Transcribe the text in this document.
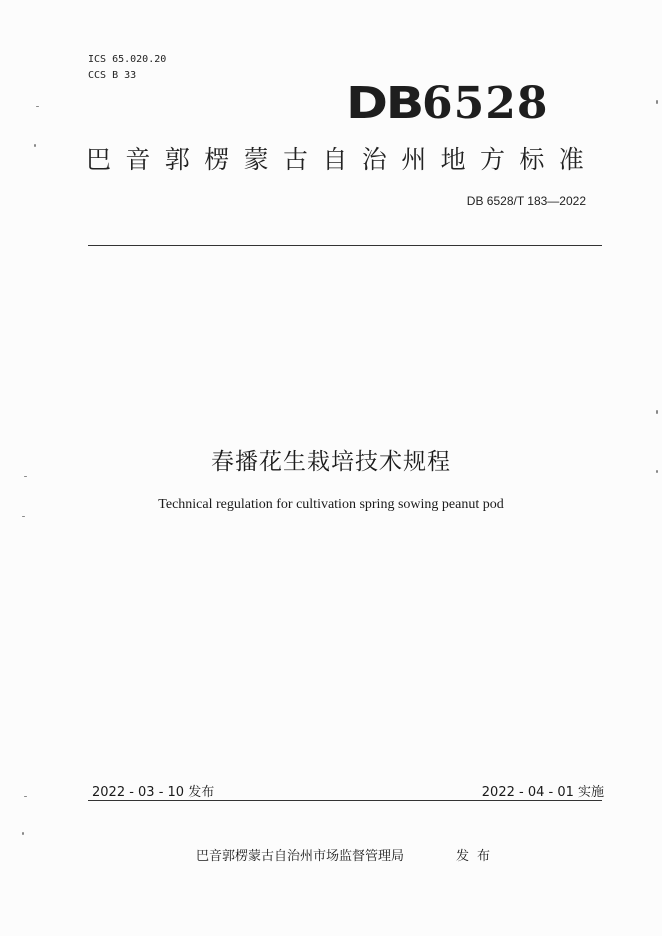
ICS 65.020.20
CCS B 33
DB 6528
巴音郭楞蒙古自治州地方标准
DB 6528/T 183—2022
春播花生栽培技术规程
Technical regulation for cultivation spring sowing peanut pod
2022 - 03 - 10 发布	2022 - 04 - 01 实施
巴音郭楞蒙古自治州市场监督管理局	发布
